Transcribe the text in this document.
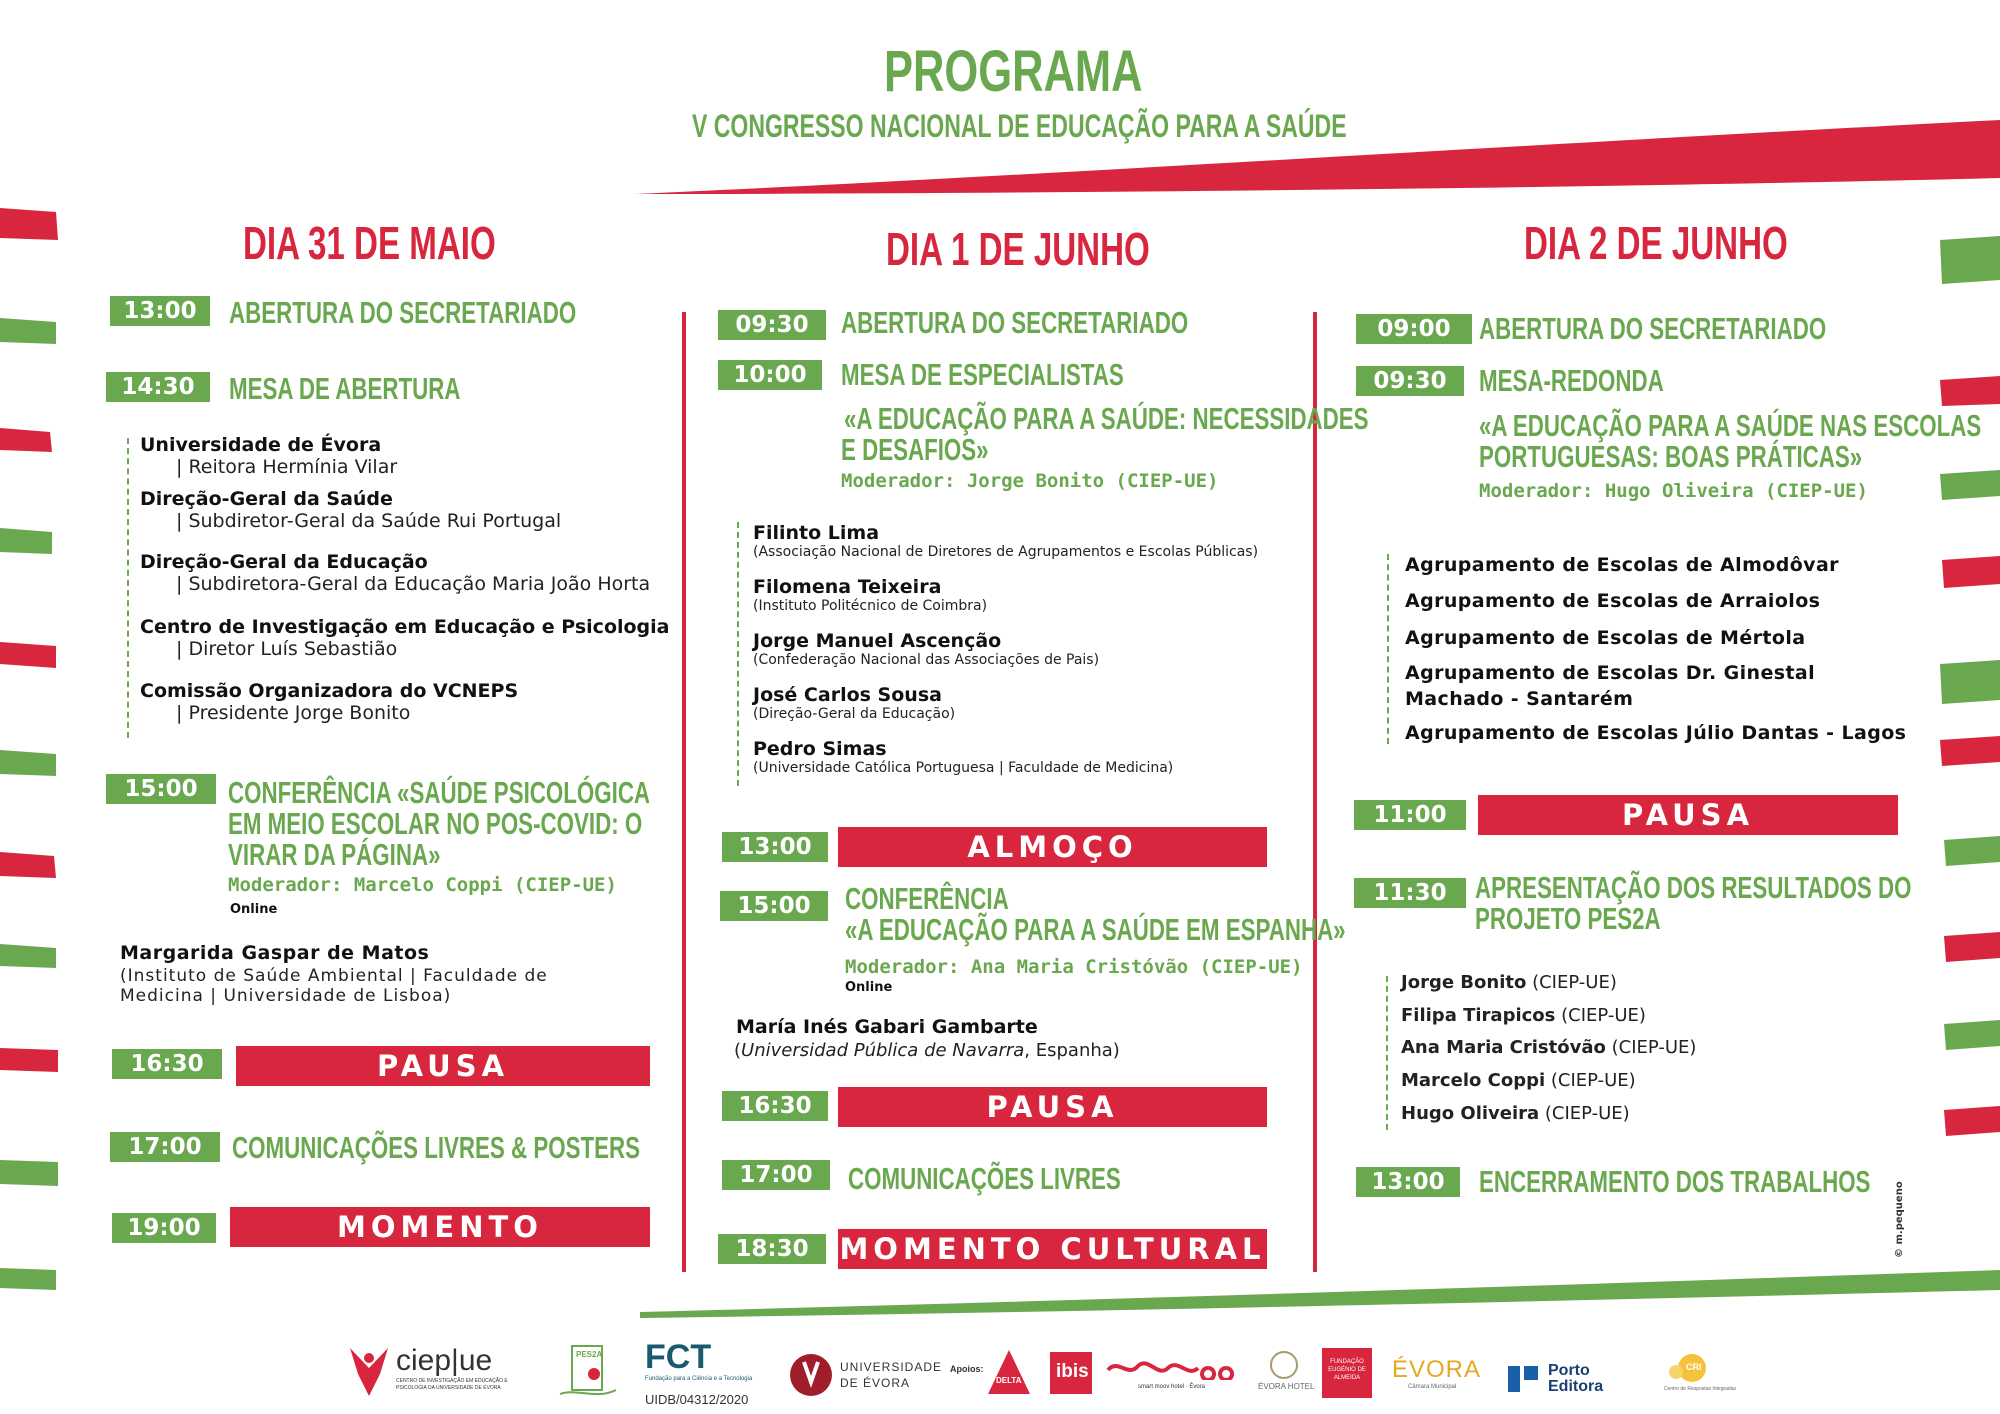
PROGRAMA
V CONGRESSO NACIONAL DE EDUCAÇÃO PARA A SAÚDE
DIA 31 DE MAIO
13:00	ABERTURA DO SECRETARIADO
14:30	MESA DE ABERTURA
Universidade de Évora
| Reitora Hermínia Vilar
Direção-Geral da Saúde
| Subdiretor-Geral da Saúde Rui Portugal
Direção-Geral da Educação
| Subdiretora-Geral da Educação Maria João Horta
Centro de Investigação em Educação e Psicologia
| Diretor Luís Sebastião
Comissão Organizadora do VCNEPS
| Presidente Jorge Bonito
15:00 CONFERÊNCIA «SAÚDE PSICOLÓGICA
EM MEIO ESCOLAR NO POS-COVID: O
VIRAR DA PÁGINA»
Moderador: Marcelo Coppi (CIEP-UE)
Online
Margarida Gaspar de Matos
(Instituto de Saúde Ambiental | Faculdade de
Medicina | Universidade de Lisboa)
16:30	PAUSA
17:00 COMUNICAÇÕES LIVRES & POSTERS
19:00	MOMENTO CULTURAL
DIA 1 DE JUNHO
09:30	ABERTURA DO SECRETARIADO
10:00	MESA DE ESPECIALISTAS
«A EDUCAÇÃO PARA A SAÚDE: NECESSIDADES
E DESAFIOS»
Moderador: Jorge Bonito (CIEP-UE)
Filinto Lima
(Associação Nacional de Diretores de Agrupamentos e Escolas Públicas)
Filomena Teixeira
(Instituto Politécnico de Coimbra)
Jorge Manuel Ascenção
(Confederação Nacional das Associações de Pais)
José Carlos Sousa
(Direção-Geral da Educação)
Pedro Simas
(Universidade Católica Portuguesa | Faculdade de Medicina)
13:00	ALMOÇO
15:00	CONFERÊNCIA
«A EDUCAÇÃO PARA A SAÚDE EM ESPANHA»
Moderador: Ana Maria Cristóvão (CIEP-UE)
Online
María Inés Gabari Gambarte
(Universidad Pública de Navarra, Espanha)
16:30	PAUSA
17:00	COMUNICAÇÕES LIVRES
18:30	MOMENTO CULTURAL
DIA 2 DE JUNHO
09:00 ABERTURA DO SECRETARIADO
09:30	MESA-REDONDA
«A EDUCAÇÃO PARA A SAÚDE NAS ESCOLAS
PORTUGUESAS: BOAS PRÁTICAS»
Moderador: Hugo Oliveira (CIEP-UE)
Agrupamento de Escolas de Almodôvar
Agrupamento de Escolas de Arraiolos
Agrupamento de Escolas de Mértola
Agrupamento de Escolas Dr. Ginestal
Machado - Santarém
Agrupamento de Escolas Júlio Dantas - Lagos
11:00	PAUSA
11:30 APRESENTAÇÃO DOS RESULTADOS DO
PROJETO PES2A
Jorge Bonito (CIEP-UE)
Filipa Tirapicos (CIEP-UE)
Ana Maria Cristóvão (CIEP-UE)
Marcelo Coppi (CIEP-UE)
Hugo Oliveira (CIEP-UE)
13:00	ENCERRAMENTO DOS TRABALHOS © m.pequeno
ciep|ue
CENTRO DE INVESTIGAÇÃO EM EDUCAÇÃO E PSICOLOGIA DA UNIVERSIDADE DE ÉVORA
PES2A FCT
Fundação para a Ciência e a Tecnologia
UIDB/04312/2020
UNIVERSIDADE
DE ÉVORA
Apoios:
DELTA ibis
smart moov hotel · Évora	ÉVORA HOTEL
FUNDAÇÃO EUGÉNIO DE ALMEIDA	ÉVORA
Câmara Municipal
Porto
Editora
CRI
Centro de Respostas Integradas
